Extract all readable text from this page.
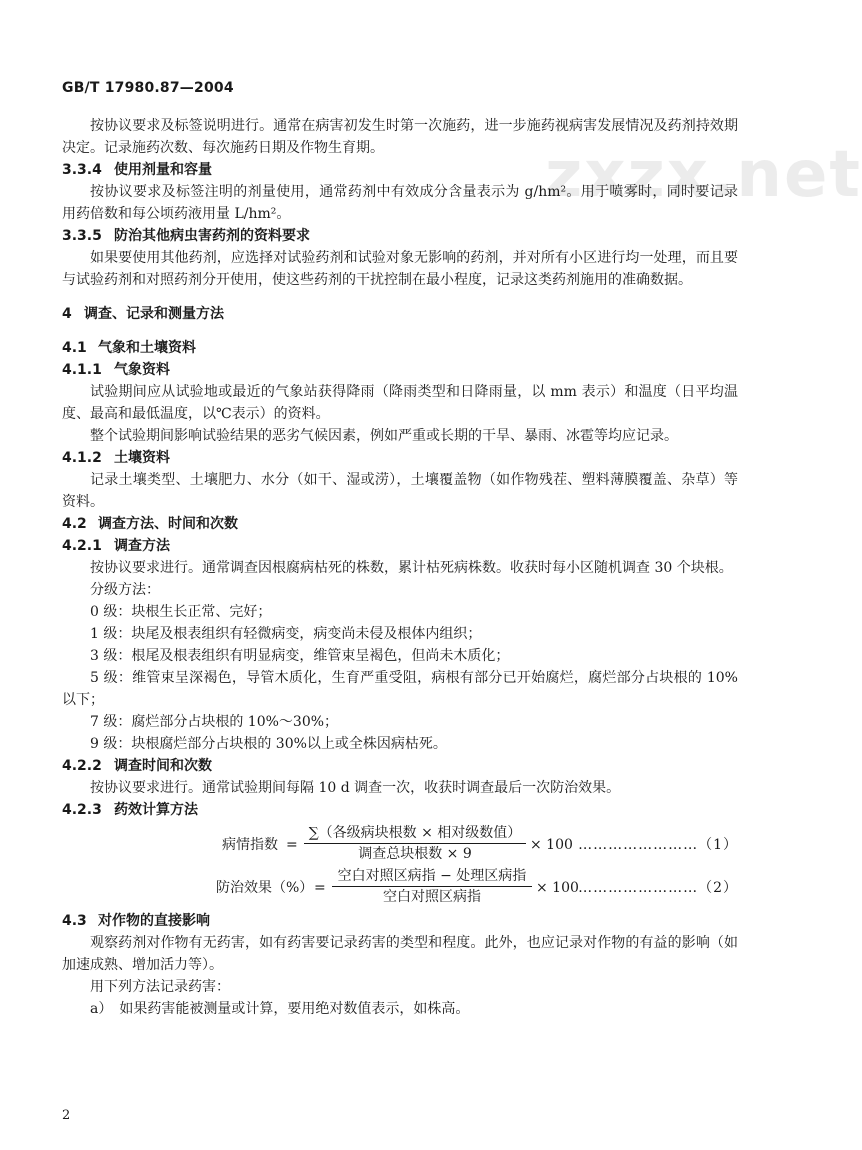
GB/T 17980.87—2004
zxzx.net

按协议要求及标签说明进行。通常在病害初发生时第一次施药，进一步施药视病害发展情况及药剂持效期决定。记录施药次数、每次施药日期及作物生育期。

3.3.4 使用剂量和容量

按协议要求及标签注明的剂量使用，通常药剂中有效成分含量表示为 g/hm²。用于喷雾时，同时要记录用药倍数和每公顷药液用量 L/hm²。

3.3.5 防治其他病虫害药剂的资料要求

如果要使用其他药剂，应选择对试验药剂和试验对象无影响的药剂，并对所有小区进行均一处理，而且要与试验药剂和对照药剂分开使用，使这些药剂的干扰控制在最小程度，记录这类药剂施用的准确数据。

4 调查、记录和测量方法

4.1 气象和土壤资料

4.1.1 气象资料

试验期间应从试验地或最近的气象站获得降雨（降雨类型和日降雨量，以 mm 表示）和温度（日平均温度、最高和最低温度，以℃表示）的资料。

整个试验期间影响试验结果的恶劣气候因素，例如严重或长期的干旱、暴雨、冰雹等均应记录。

4.1.2 土壤资料

记录土壤类型、土壤肥力、水分（如干、湿或涝），土壤覆盖物（如作物残茬、塑料薄膜覆盖、杂草）等资料。

4.2 调查方法、时间和次数

4.2.1 调查方法

按协议要求进行。通常调查因根腐病枯死的株数，累计枯死病株数。收获时每小区随机调查 30 个块根。

分级方法：

0 级：块根生长正常、完好；

1 级：块尾及根表组织有轻微病变，病变尚未侵及根体内组织；

3 级：根尾及根表组织有明显病变，维管束呈褐色，但尚未木质化；

5 级：维管束呈深褐色，导管木质化，生育严重受阻，病根有部分已开始腐烂，腐烂部分占块根的 10%以下；

7 级：腐烂部分占块根的 10%～30%；

9 级：块根腐烂部分占块根的 30%以上或全株因病枯死。

4.2.2 调查时间和次数

按协议要求进行。通常试验期间每隔 10 d 调查一次，收获时调查最后一次防治效果。

4.2.3 药效计算方法

病情指数 =
∑（各级病块根数 × 相对级数值）
调查总块根数 × 9
× 100 ……………………（1）
防治效果（%） =
空白对照区病指 − 处理区病指
空白对照区病指
× 100 ……………………（2）

4.3 对作物的直接影响

观察药剂对作物有无药害，如有药害要记录药害的类型和程度。此外，也应记录对作物的有益的影响（如加速成熟、增加活力等）。

用下列方法记录药害：

a）　如果药害能被测量或计算，要用绝对数值表示，如株高。

2
